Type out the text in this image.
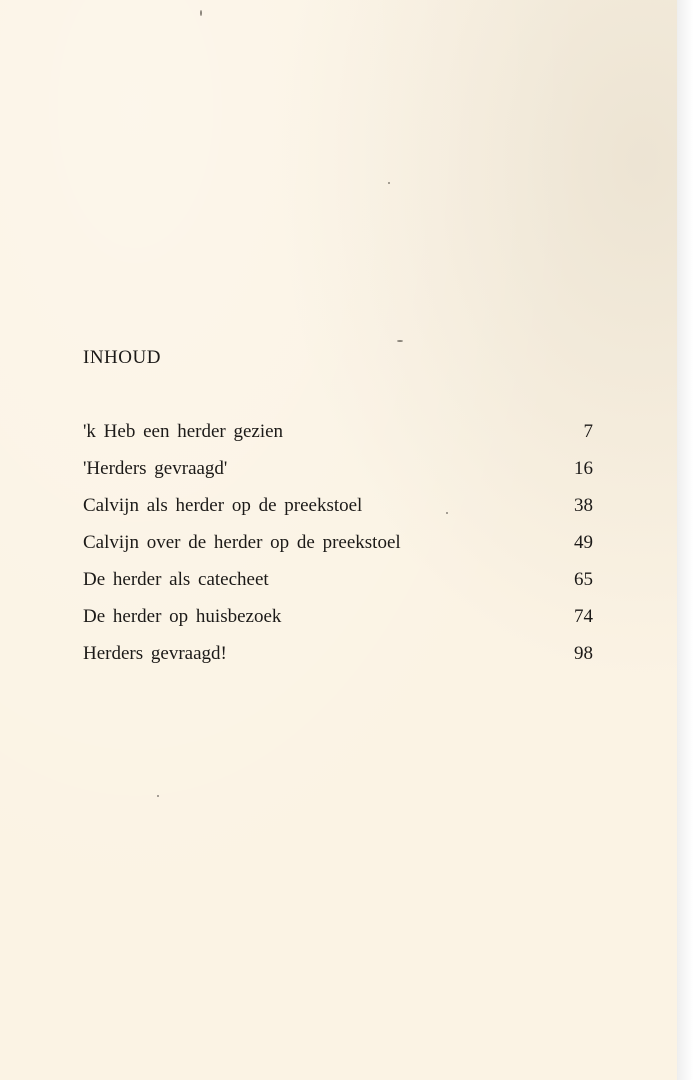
INHOUD
'k Heb een herder gezien	7
'Herders gevraagd'	16
Calvijn als herder op de preekstoel	38
Calvijn over de herder op de preekstoel	49
De herder als catecheet	65
De herder op huisbezoek	74
Herders gevraagd!	98
